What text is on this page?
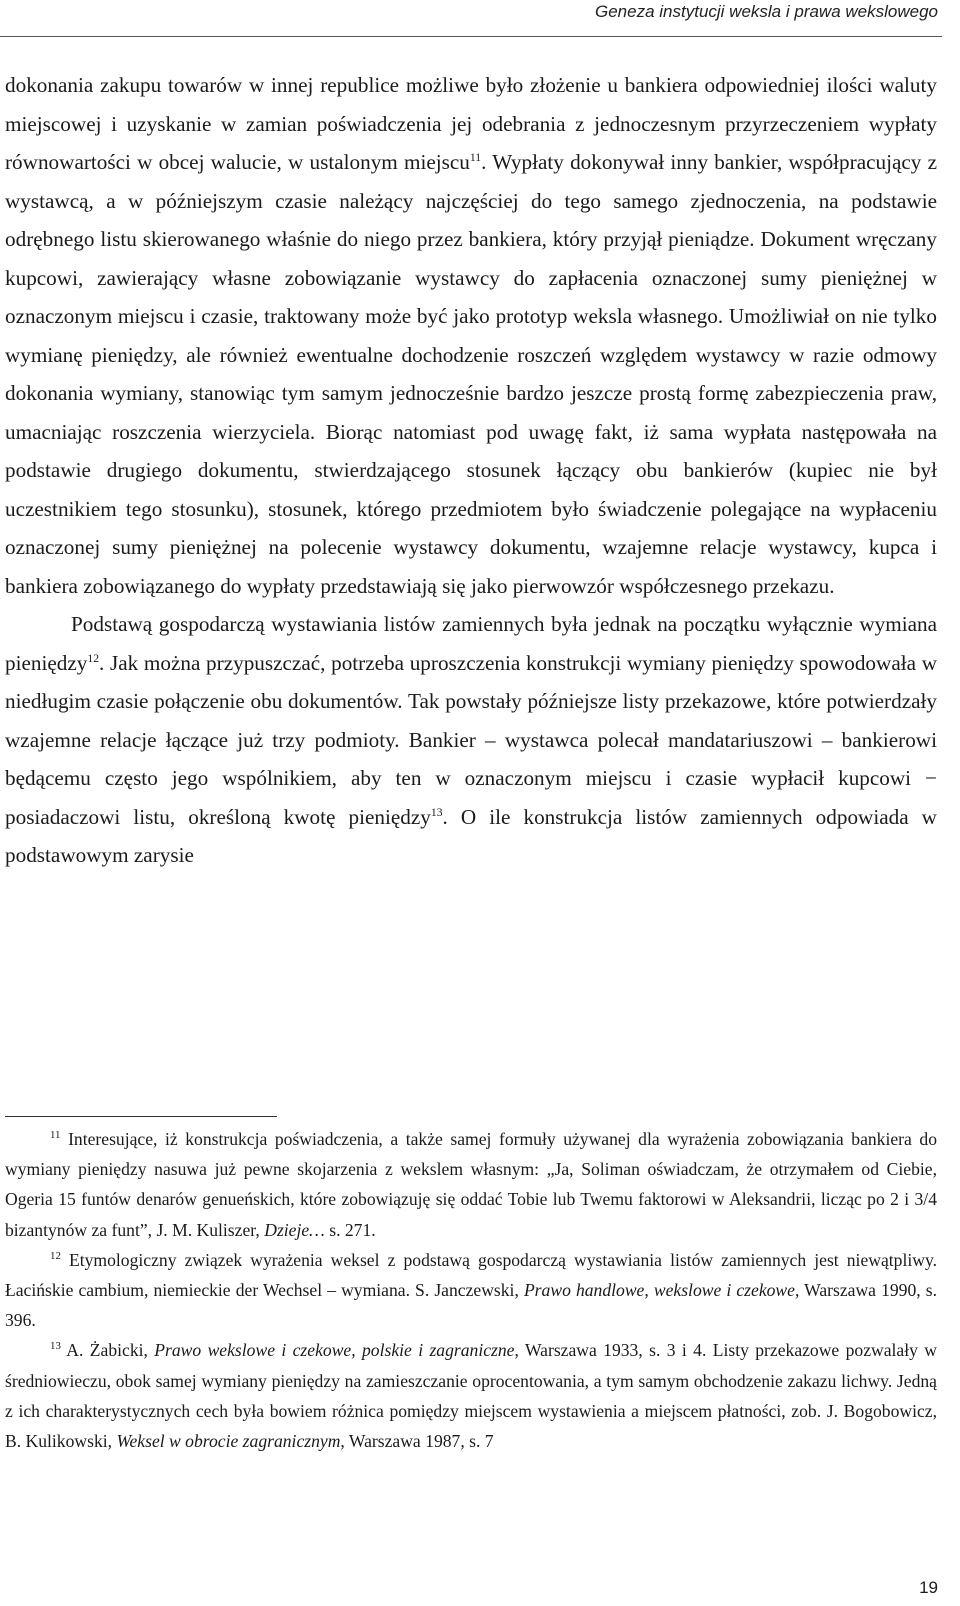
Geneza instytucji weksla i prawa wekslowego

dokonania zakupu towarów w innej republice możliwe było złożenie u bankiera odpowiedniej ilości waluty miejscowej i uzyskanie w zamian poświadczenia jej odebrania z jednoczesnym przyrzeczeniem wypłaty równowartości w obcej walucie, w ustalonym miejscu$^{11}$. Wypłaty dokonywał inny bankier, współpracujący z wystawcą, a w późniejszym czasie należący najczęściej do tego samego zjednoczenia, na podstawie odrębnego listu skierowanego właśnie do niego przez bankiera, który przyjął pieniądze. Dokument wręczany kupcowi, zawierający własne zobowiązanie wystawcy do zapłacenia oznaczonej sumy pieniężnej w oznaczonym miejscu i czasie, traktowany może być jako prototyp weksla własnego. Umożliwiał on nie tylko wymianę pieniędzy, ale również ewentualne dochodzenie roszczeń względem wystawcy w razie odmowy dokonania wymiany, stanowiąc tym samym jednocześnie bardzo jeszcze prostą formę zabezpieczenia praw, umacniając roszczenia wierzyciela. Biorąc natomiast pod uwagę fakt, iż sama wypłata następowała na podstawie drugiego dokumentu, stwierdzającego stosunek łączący obu bankierów (kupiec nie był uczestnikiem tego stosunku), stosunek, którego przedmiotem było świadczenie polegające na wypłaceniu oznaczonej sumy pieniężnej na polecenie wystawcy dokumentu, wzajemne relacje wystawcy, kupca i bankiera zobowiązanego do wypłaty przedstawiają się jako pierwowzór współczesnego przekazu.

Podstawą gospodarczą wystawiania listów zamiennych była jednak na początku wyłącznie wymiana pieniędzy$^{12}$. Jak można przypuszczać, potrzeba uproszczenia konstrukcji wymiany pieniędzy spowodowała w niedługim czasie połączenie obu dokumentów. Tak powstały późniejsze listy przekazowe, które potwierdzały wzajemne relacje łączące już trzy podmioty. Bankier – wystawca polecał mandatariuszowi – bankierowi będącemu często jego wspólnikiem, aby ten w oznaczonym miejscu i czasie wypłacił kupcowi − posiadaczowi listu, określoną kwotę pieniędzy$^{13}$. O ile konstrukcja listów zamiennych odpowiada w podstawowym zarysie

$^{11}$ Interesujące, iż konstrukcja poświadczenia, a także samej formuły używanej dla wyrażenia zobowiązania bankiera do wymiany pieniędzy nasuwa już pewne skojarzenia z wekslem własnym: „Ja, Soliman oświadczam, że otrzymałem od Ciebie, Ogeria 15 funtów denarów genueńskich, które zobowiązuję się oddać Tobie lub Twemu faktorowi w Aleksandrii, licząc po 2 i 3/4 bizantynów za funt”, J. M. Kuliszer, Dzieje… s. 271.

$^{12}$ Etymologiczny związek wyrażenia weksel z podstawą gospodarczą wystawiania listów zamiennych jest niewątpliwy. Łacińskie cambium, niemieckie der Wechsel – wymiana. S. Janczewski, Prawo handlowe, wekslowe i czekowe, Warszawa 1990, s. 396.

$^{13}$ A. Żabicki, Prawo wekslowe i czekowe, polskie i zagraniczne, Warszawa 1933, s. 3 i 4. Listy przekazowe pozwalały w średniowieczu, obok samej wymiany pieniędzy na zamieszczanie oprocentowania, a tym samym obchodzenie zakazu lichwy. Jedną z ich charakterystycznych cech była bowiem różnica pomiędzy miejscem wystawienia a miejscem płatności, zob. J. Bogobowicz, B. Kulikowski, Weksel w obrocie zagranicznym, Warszawa 1987, s. 7

19
